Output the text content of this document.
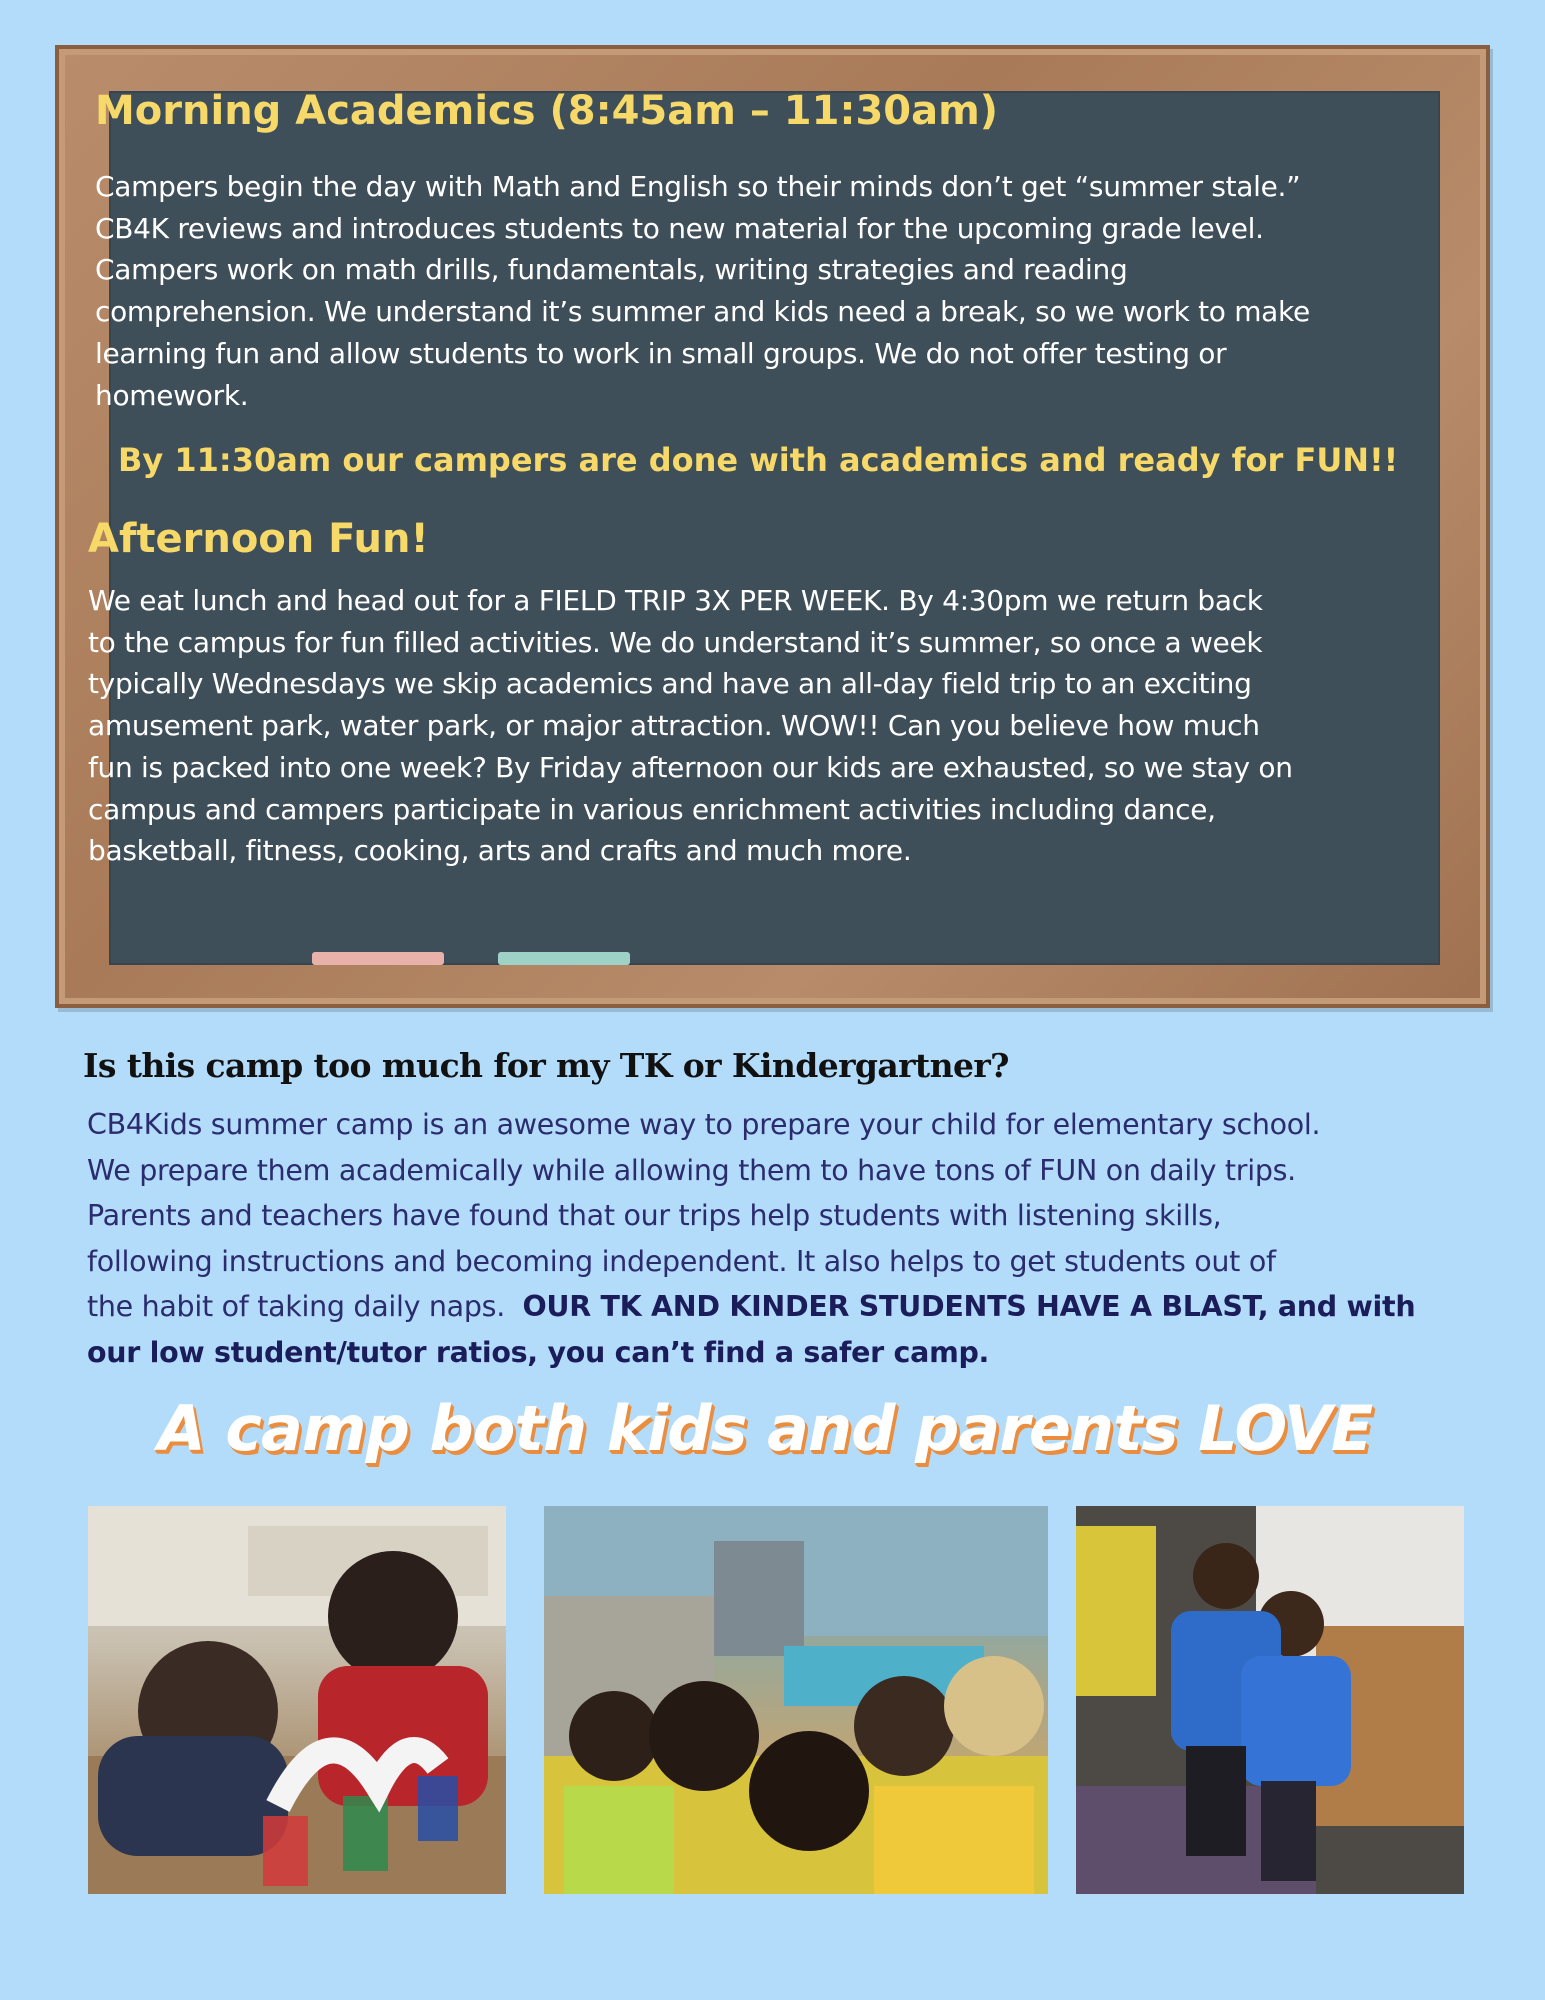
Morning Academics (8:45am – 11:30am)
Campers begin the day with Math and English so their minds don’t get “summer stale.”
CB4K reviews and introduces students to new material for the upcoming grade level.
Campers work on math drills, fundamentals, writing strategies and reading
comprehension. We understand it’s summer and kids need a break, so we work to make
learning fun and allow students to work in small groups. We do not offer testing or
homework.
By 11:30am our campers are done with academics and ready for FUN!!
Afternoon Fun!
We eat lunch and head out for a FIELD TRIP 3X PER WEEK. By 4:30pm we return back
to the campus for fun filled activities. We do understand it’s summer, so once a week
typically Wednesdays we skip academics and have an all-day field trip to an exciting
amusement park, water park, or major attraction. WOW!! Can you believe how much
fun is packed into one week? By Friday afternoon our kids are exhausted, so we stay on
campus and campers participate in various enrichment activities including dance,
basketball, fitness, cooking, arts and crafts and much more.
Is this camp too much for my TK or Kindergartner?
CB4Kids summer camp is an awesome way to prepare your child for elementary school.
We prepare them academically while allowing them to have tons of FUN on daily trips.
Parents and teachers have found that our trips help students with listening skills,
following instructions and becoming independent. It also helps to get students out of
the habit of taking daily naps.  OUR TK AND KINDER STUDENTS HAVE A BLAST, and with
our low student/tutor ratios, you can’t find a safer camp.
A camp both kids and parents LOVE
